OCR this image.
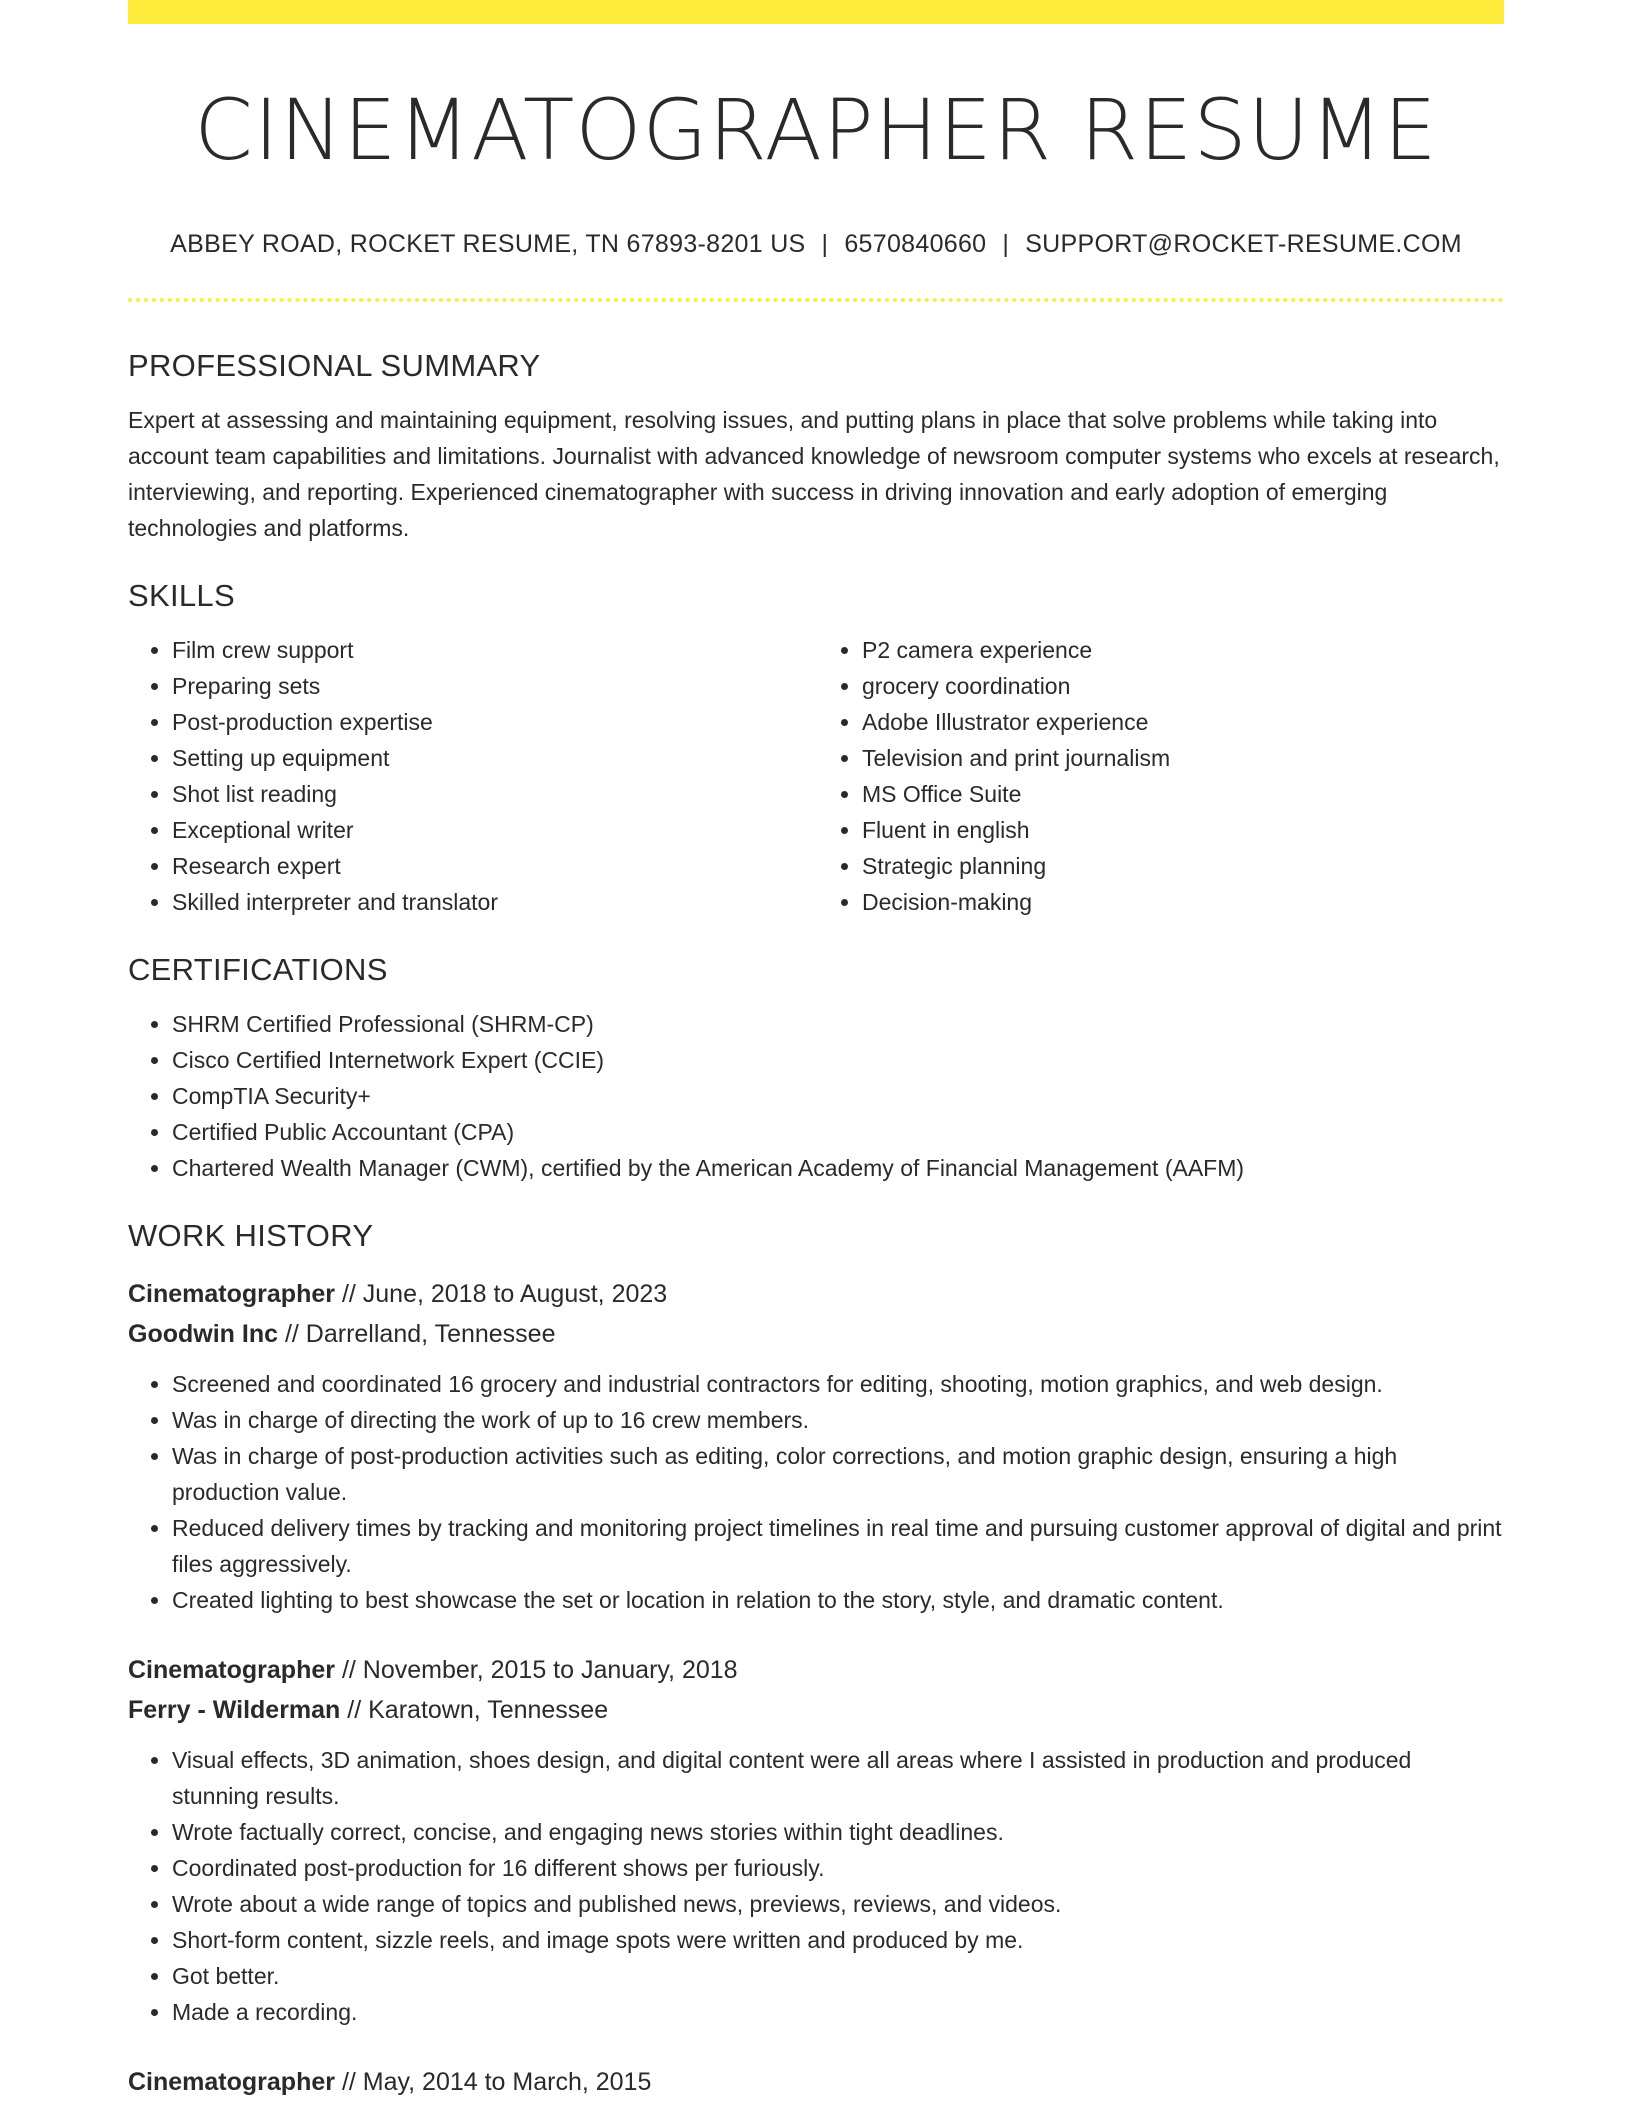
CINEMATOGRAPHER RESUME
ABBEY ROAD, ROCKET RESUME, TN 67893-8201 US | 6570840660 | SUPPORT@ROCKET-RESUME.COM
PROFESSIONAL SUMMARY

Expert at assessing and maintaining equipment, resolving issues, and putting plans in place that solve problems while taking into account team capabilities and limitations. Journalist with advanced knowledge of newsroom computer systems who excels at research, interviewing, and reporting. Experienced cinematographer with success in driving innovation and early adoption of emerging technologies and platforms.

SKILLS
• Film crew support
• Preparing sets
• Post-production expertise
• Setting up equipment
• Shot list reading
• Exceptional writer
• Research expert
• Skilled interpreter and translator
• P2 camera experience
• grocery coordination
• Adobe Illustrator experience
• Television and print journalism
• MS Office Suite
• Fluent in english
• Strategic planning
• Decision-making
CERTIFICATIONS
• SHRM Certified Professional (SHRM-CP)
• Cisco Certified Internetwork Expert (CCIE)
• CompTIA Security+
• Certified Public Accountant (CPA)
• Chartered Wealth Manager (CWM), certified by the American Academy of Financial Management (AAFM)
WORK HISTORY
Cinematographer // June, 2018 to August, 2023
Goodwin Inc // Darrelland, Tennessee
• Screened and coordinated 16 grocery and industrial contractors for editing, shooting, motion graphics, and web design.
• Was in charge of directing the work of up to 16 crew members.
• Was in charge of post-production activities such as editing, color corrections, and motion graphic design, ensuring a high production value.
• Reduced delivery times by tracking and monitoring project timelines in real time and pursuing customer approval of digital and print files aggressively.
• Created lighting to best showcase the set or location in relation to the story, style, and dramatic content.
Cinematographer // November, 2015 to January, 2018
Ferry - Wilderman // Karatown, Tennessee
• Visual effects, 3D animation, shoes design, and digital content were all areas where I assisted in production and produced stunning results.
• Wrote factually correct, concise, and engaging news stories within tight deadlines.
• Coordinated post-production for 16 different shows per furiously.
• Wrote about a wide range of topics and published news, previews, reviews, and videos.
• Short-form content, sizzle reels, and image spots were written and produced by me.
• Got better.
• Made a recording.
Cinematographer // May, 2014 to March, 2015
